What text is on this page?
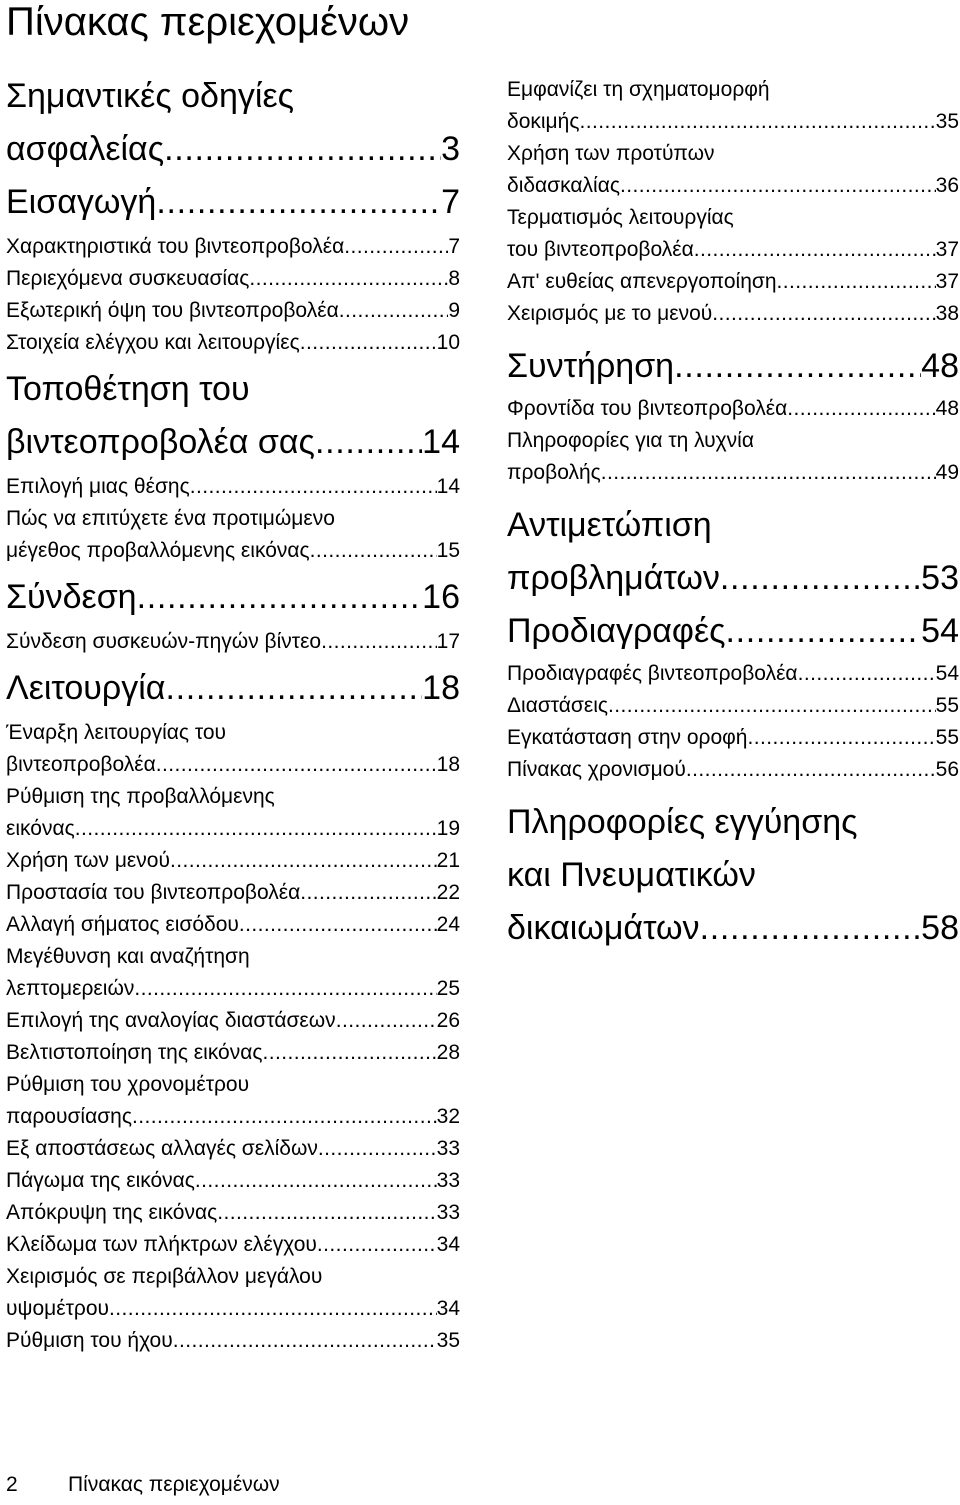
Πίνακας περιεχομένων
Σημαντικές οδηγίες
ασφαλείας .....	3
Εισαγωγή .....	7
Χαρακτηριστικά του βιντεοπροβολέα .....	7
Περιεχόμενα συσκευασίας .....	8
Εξωτερική όψη του βιντεοπροβολέα .....	9
Στοιχεία ελέγχου και λειτουργίες .....	10
Τοποθέτηση του
βιντεοπροβολέα σας .....	14
Επιλογή μιας θέσης .....	14
Πώς να επιτύχετε ένα προτιμώμενο
μέγεθος προβαλλόμενης εικόνας .....	15
Σύνδεση .....	16
Σύνδεση συσκευών-πηγών βίντεο .....	17
Λειτουργία .....	18
Έναρξη λειτουργίας του
βιντεοπροβολέα .....	18
Ρύθμιση της προβαλλόμενης
εικόνας .....	19
Χρήση των μενού .....	21
Προστασία του βιντεοπροβολέα .....	22
Αλλαγή σήματος εισόδου .....	24
Μεγέθυνση και αναζήτηση
λεπτομερειών .....	25
Επιλογή της αναλογίας διαστάσεων .....	26
Βελτιστοποίηση της εικόνας .....	28
Ρύθμιση του χρονομέτρου
παρουσίασης .....	32
Εξ αποστάσεως αλλαγές σελίδων .....	33
Πάγωμα της εικόνας .....	33
Απόκρυψη της εικόνας .....	33
Κλείδωμα των πλήκτρων ελέγχου .....	34
Χειρισμός σε περιβάλλον μεγάλου
υψομέτρου .....	34
Ρύθμιση του ήχου .....	35
Εμφανίζει τη σχηματομορφή
δοκιμής .....	35
Χρήση των προτύπων
διδασκαλίας .....	36
Τερματισμός λειτουργίας
του βιντεοπροβολέα .....	37
Απ' ευθείας απενεργοποίηση .....	37
Χειρισμός με το μενού .....	38
Συντήρηση .....	48
Φροντίδα του βιντεοπροβολέα .....	48
Πληροφορίες για τη λυχνία
προβολής .....	49
Αντιμετώπιση
προβλημάτων .....	53
Προδιαγραφές .....	54
Προδιαγραφές βιντεοπροβολέα .....	54
Διαστάσεις .....	55
Εγκατάσταση στην οροφή .....	55
Πίνακας χρονισμού .....	56
Πληροφορίες εγγύησης
και Πνευματικών
δικαιωμάτων .....	58
2 Πίνακας περιεχομένων
